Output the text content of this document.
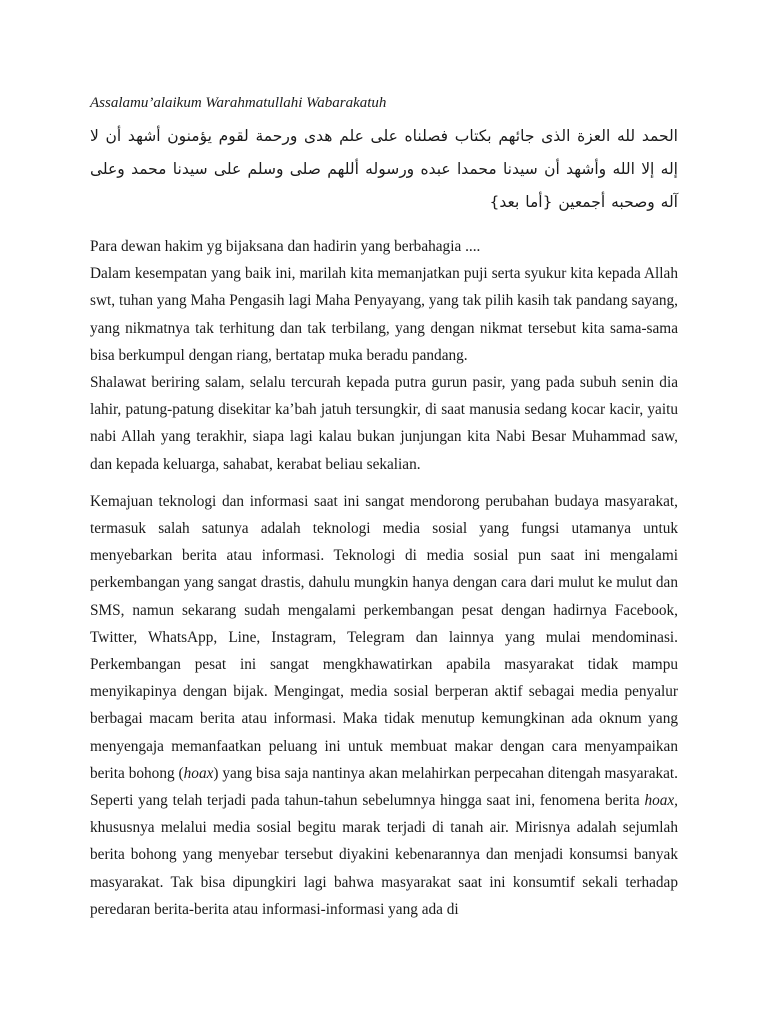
Assalamu’alaikum Warahmatullahi Wabarakatuh

الحمد لله العزة الذى جائهم بكتاب فصلناه على علم هدى ورحمة لقوم يؤمنون أشهد أن لا إله إلا الله وأشهد أن سيدنا محمدا عبده ورسوله أللهم صلى وسلم على سيدنا محمد وعلى آله وصحبه أجمعين {أما بعد}

Para dewan hakim yg bijaksana dan hadirin yang berbahagia ....

Dalam kesempatan yang baik ini, marilah kita memanjatkan puji serta syukur kita kepada Allah swt, tuhan yang Maha Pengasih lagi Maha Penyayang, yang tak pilih kasih tak pandang sayang, yang nikmatnya tak terhitung dan tak terbilang, yang dengan nikmat tersebut kita sama-sama bisa berkumpul dengan riang, bertatap muka beradu pandang.

Shalawat beriring salam, selalu tercurah kepada putra gurun pasir, yang pada subuh senin dia lahir, patung-patung disekitar ka’bah jatuh tersungkir, di saat manusia sedang kocar kacir, yaitu nabi Allah yang terakhir, siapa lagi kalau bukan junjungan kita Nabi Besar Muhammad saw, dan kepada keluarga, sahabat, kerabat beliau sekalian.

Kemajuan teknologi dan informasi saat ini sangat mendorong perubahan budaya masyarakat, termasuk salah satunya adalah teknologi media sosial yang fungsi utamanya untuk menyebarkan berita atau informasi. Teknologi di media sosial pun saat ini mengalami perkembangan yang sangat drastis, dahulu mungkin hanya dengan cara dari mulut ke mulut dan SMS, namun sekarang sudah mengalami perkembangan pesat dengan hadirnya Facebook, Twitter, WhatsApp, Line, Instagram, Telegram dan lainnya yang mulai mendominasi. Perkembangan pesat ini sangat mengkhawatirkan apabila masyarakat tidak mampu menyikapinya dengan bijak. Mengingat, media sosial berperan aktif sebagai media penyalur berbagai macam berita atau informasi. Maka tidak menutup kemungkinan ada oknum yang menyengaja memanfaatkan peluang ini untuk membuat makar dengan cara menyampaikan berita bohong (hoax) yang bisa saja nantinya akan melahirkan perpecahan ditengah masyarakat. Seperti yang telah terjadi pada tahun-tahun sebelumnya hingga saat ini, fenomena berita hoax, khususnya melalui media sosial begitu marak terjadi di tanah air. Mirisnya adalah sejumlah berita bohong yang menyebar tersebut diyakini kebenarannya dan menjadi konsumsi banyak masyarakat. Tak bisa dipungkiri lagi bahwa masyarakat saat ini konsumtif sekali terhadap peredaran berita-berita atau informasi-informasi yang ada di
